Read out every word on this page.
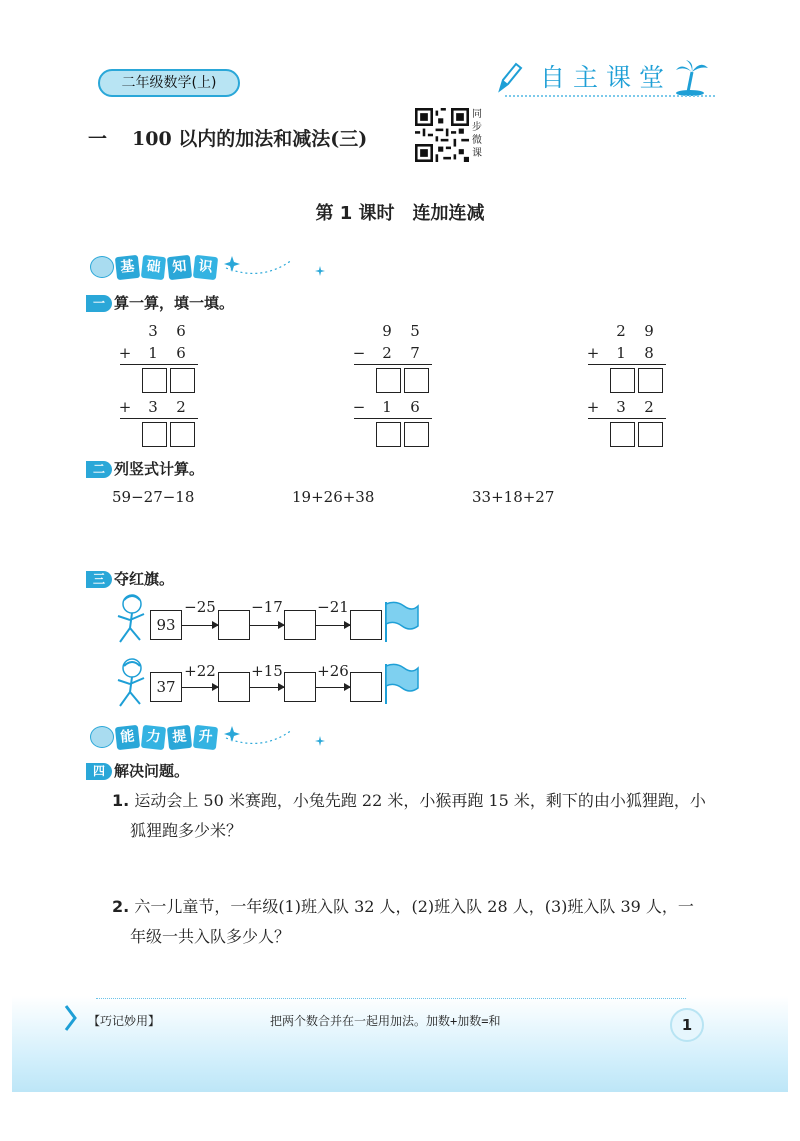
二年级数学(上)	自主课堂
一 100 以内的加法和减法(三)
同
步
微
课
第 1 课时　连加连减
基 础 知 识
一 算一算，填一填。
3 6
+ 1 6
+ 3 2
9 5
− 2 7
− 1 6
2 9
+ 1 8
+ 3 2
二 列竖式计算。
59−27−18	19+26+38	33+18+27
三 夺红旗。
93
−25	−17	−21
37
+22	+15	+26
能 力 提 升
四 解决问题。
1. 运动会上 50 米赛跑，小兔先跑 22 米，小猴再跑 15 米，剩下的由小狐狸跑，小
狐狸跑多少米？
2. 六一儿童节，一年级(1)班入队 32 人，(2)班入队 28 人，(3)班入队 39 人，一
年级一共入队多少人？
【巧记妙用】	把两个数合并在一起用加法。加数+加数=和	1
